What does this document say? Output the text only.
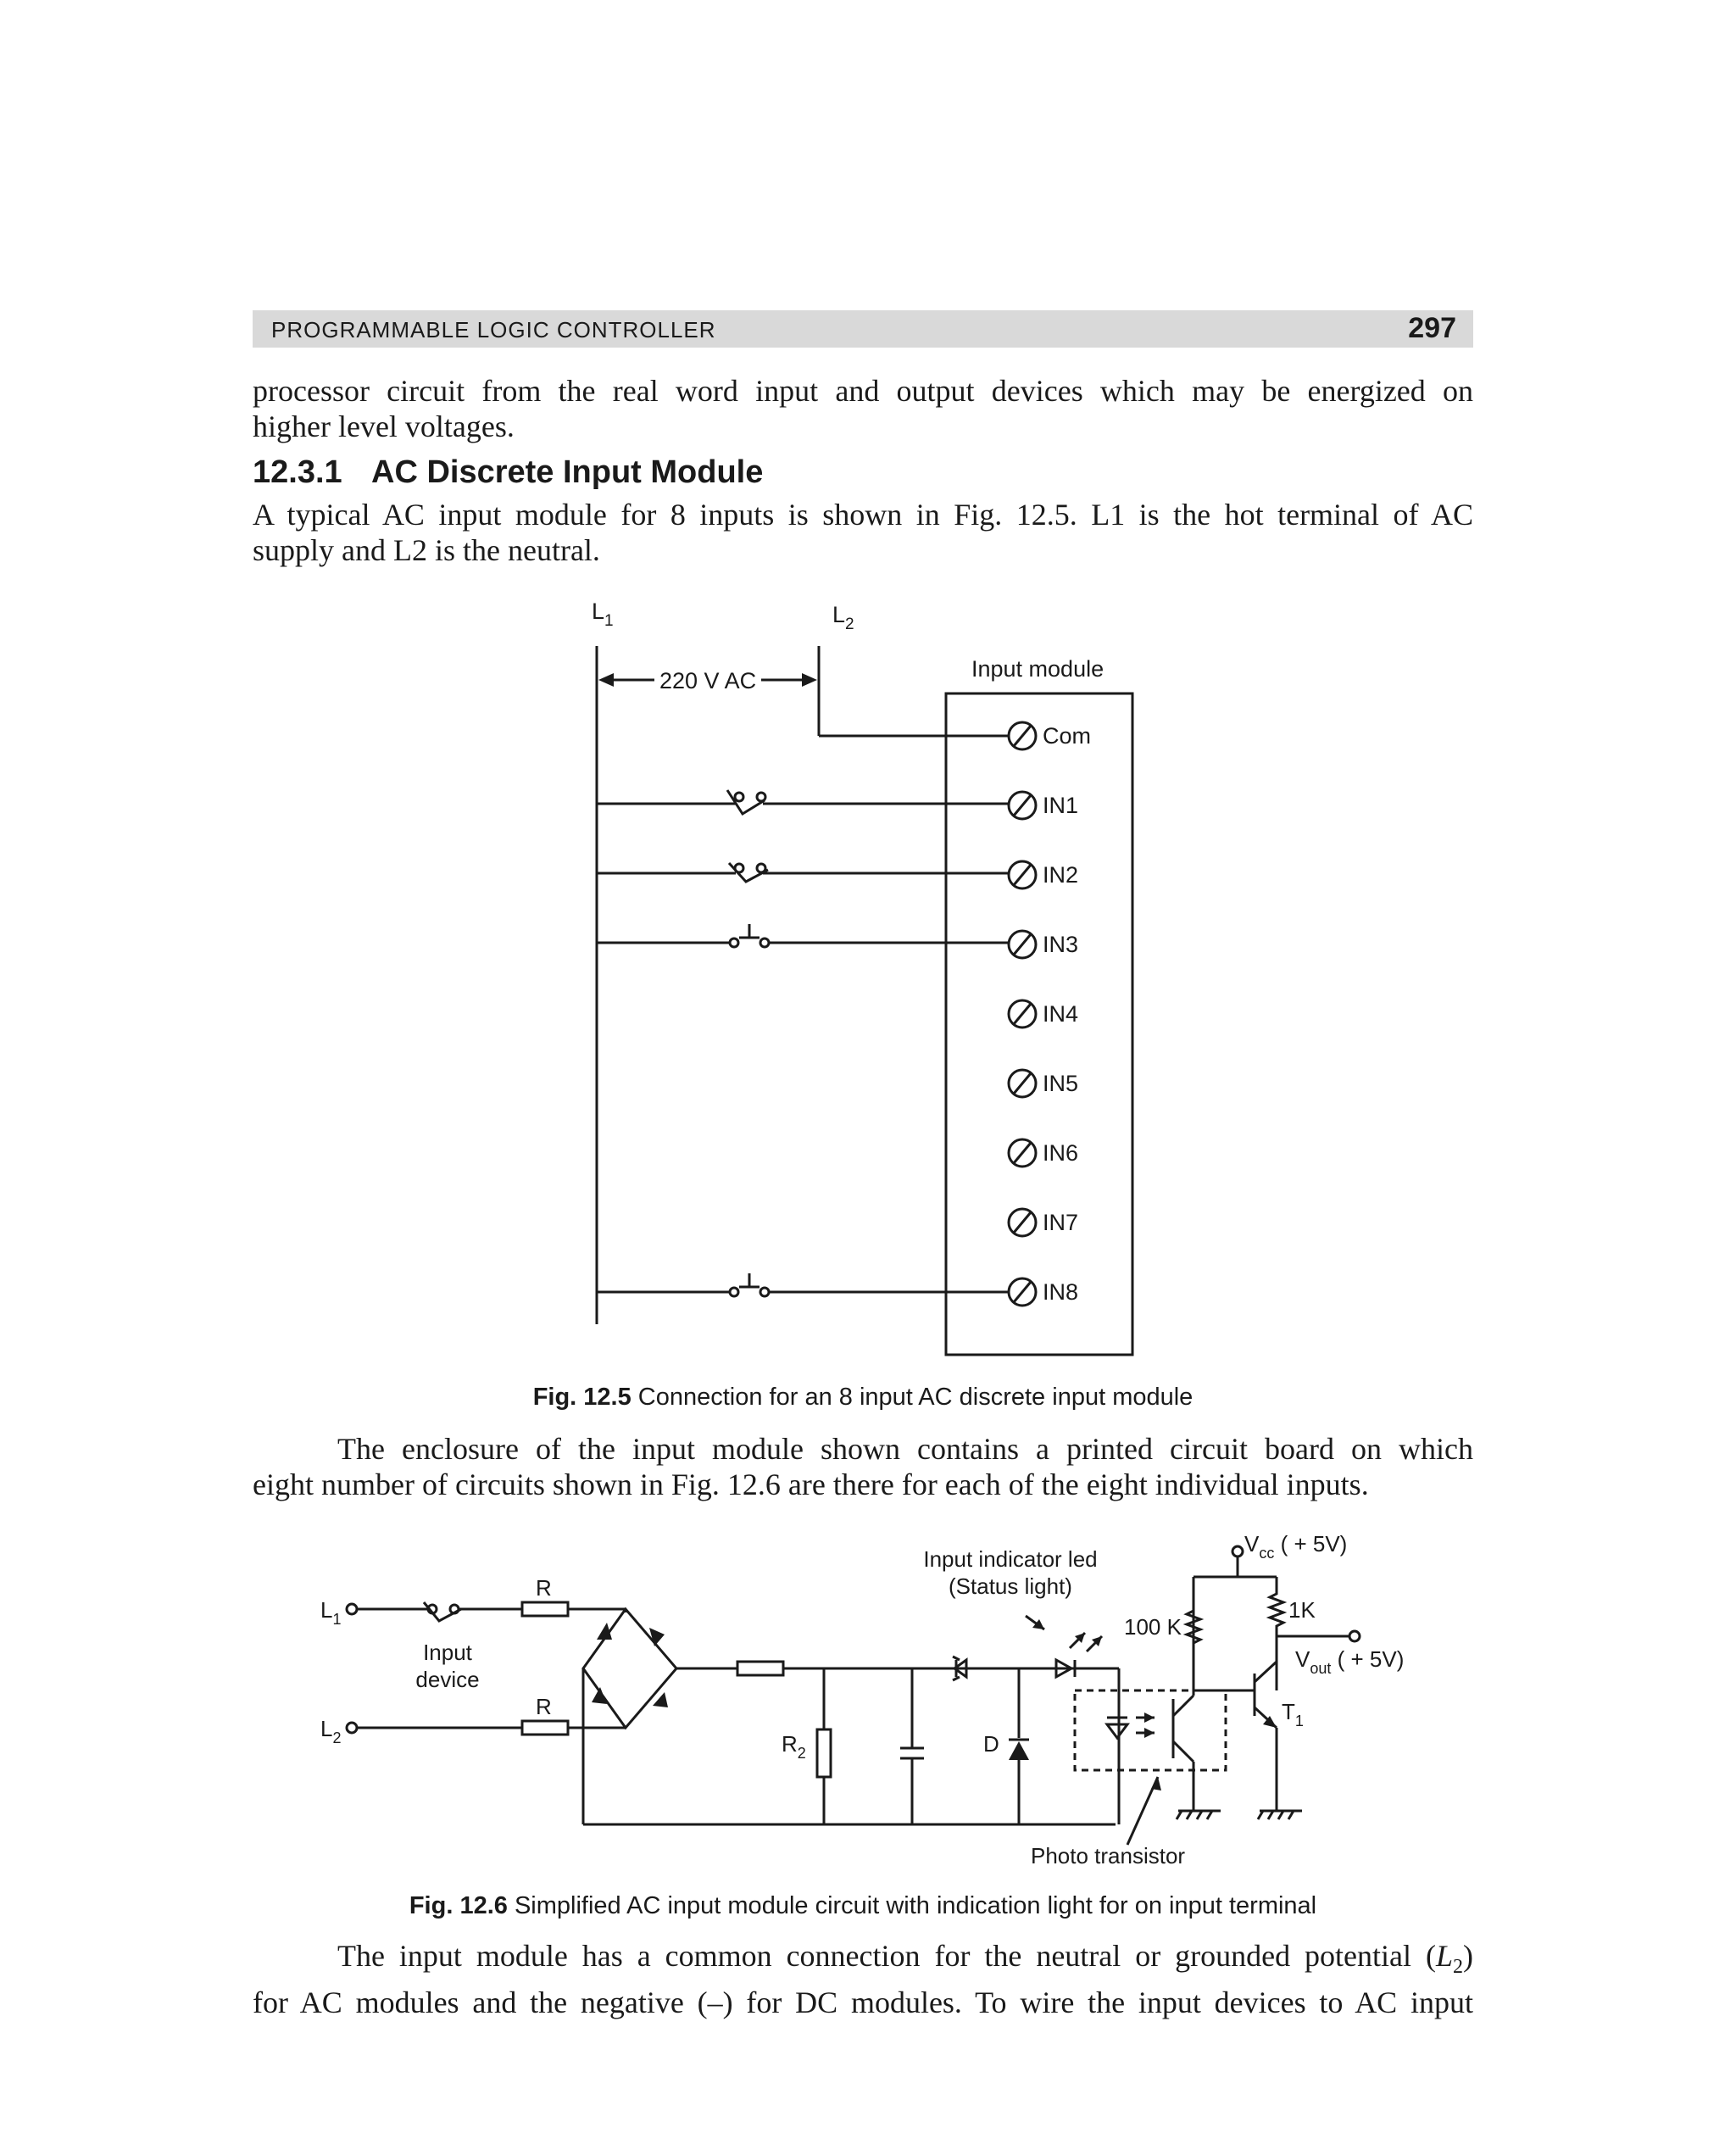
PROGRAMMABLE LOGIC CONTROLLER	297
processor circuit from the real word input and output devices which may be energized on
higher level voltages.
12.3.1 AC Discrete Input Module
A typical AC input module for 8 inputs is shown in Fig. 12.5. L1 is the hot terminal of AC
supply and L2 is the neutral.
$L_1$	$L_2$
220 V AC	Input module
Com
IN1
IN2
IN3
IN4
IN5
IN6
IN7
IN8
Fig. 12.5 Connection for an 8 input AC discrete input module
The enclosure of the input module shown contains a printed circuit board on which
eight number of circuits shown in Fig. 12.6 are there for each of the eight individual inputs.
$L_1$
$L_2$
R
R
Input
device
$R_2$	D
Input indicator led
(Status light)
$V_{cc}$ ( + 5V)
100 K
1K
$V_{out}$ ( + 5V)
$T_1$
Photo transistor
Fig. 12.6 Simplified AC input module circuit with indication light for on input terminal
The input module has a common connection for the neutral or grounded potential $(L_2)$
for AC modules and the negative (–) for DC modules. To wire the input devices to AC input
